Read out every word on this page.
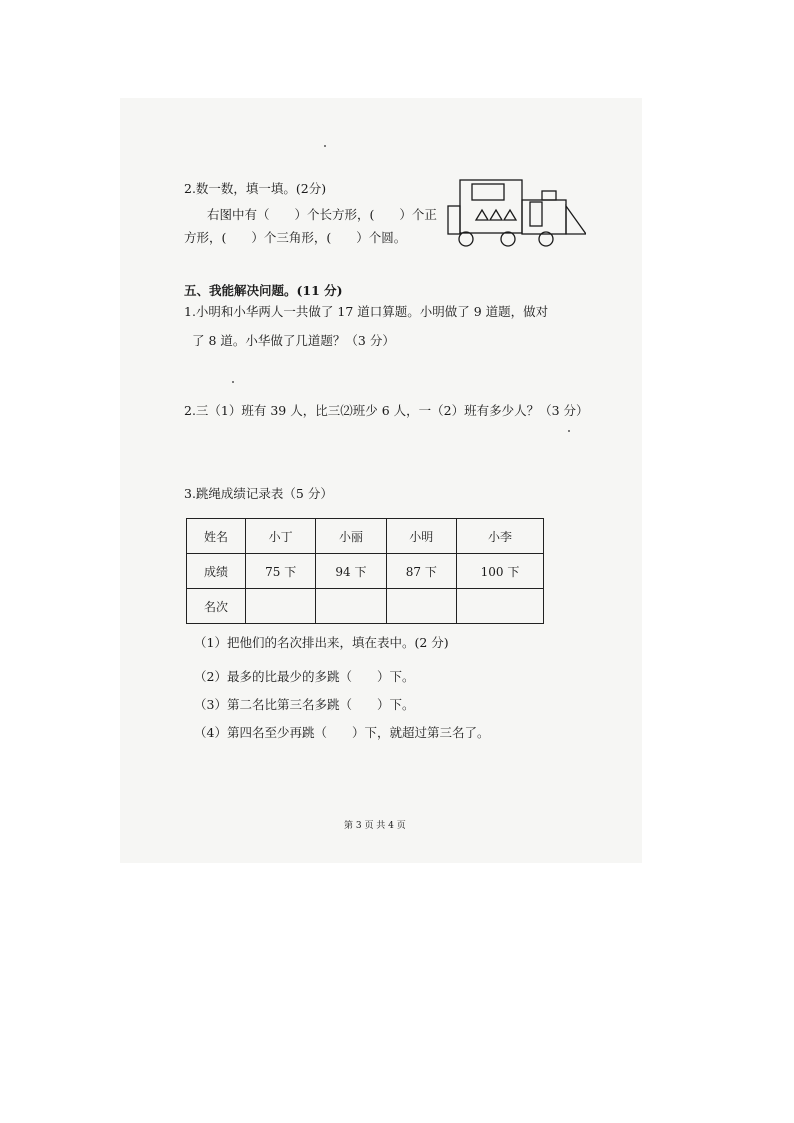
2.数一数，填一填。(2分)
右图中有（　　）个长方形，(　　）个正
方形，(　　）个三角形，(　　）个圆。
五、我能解决问题。(11 分)
1.小明和小华两人一共做了 17 道口算题。小明做了 9 道题，做对
了 8 道。小华做了几道题？（3 分）
2.三（1）班有 39 人，比三⑵班少 6 人，一（2）班有多少人？（3 分）
3.跳绳成绩记录表（5 分）
姓名	小丁	小丽	小明	小李
成绩	75 下	94 下	87 下	100 下
名次				
（1）把他们的名次排出来，填在表中。(2 分)
（2）最多的比最少的多跳（　　）下。
（3）第二名比第三名多跳（　　）下。
（4）第四名至少再跳（　　）下，就超过第三名了。
第 3 页 共 4 页
